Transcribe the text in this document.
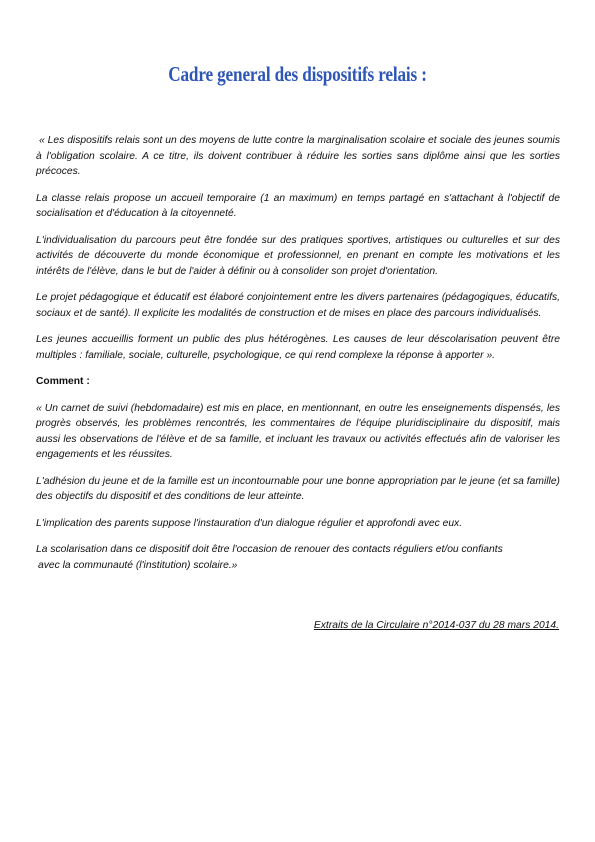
Cadre general des dispositifs relais :

« Les dispositifs relais sont un des moyens de lutte contre la marginalisation scolaire et sociale des jeunes soumis à l'obligation scolaire. A ce titre, ils doivent contribuer à réduire les sorties sans diplôme ainsi que les sorties précoces.

La classe relais propose un accueil temporaire (1 an maximum) en temps partagé en s'attachant à l'objectif de socialisation et d'éducation à la citoyenneté.

L'individualisation du parcours peut être fondée sur des pratiques sportives, artistiques ou culturelles et sur des activités de découverte du monde économique et professionnel, en prenant en compte les motivations et les intérêts de l'élève, dans le but de l'aider à définir ou à consolider son projet d'orientation.

Le projet pédagogique et éducatif est élaboré conjointement entre les divers partenaires (pédagogiques, éducatifs, sociaux et de santé). Il explicite les modalités de construction et de mises en place des parcours individualisés.

Les jeunes accueillis forment un public des plus hétérogènes. Les causes de leur déscolarisation peuvent être multiples : familiale, sociale, culturelle, psychologique, ce qui rend complexe la réponse à apporter ».

Comment :

« Un carnet de suivi (hebdomadaire) est mis en place, en mentionnant, en outre les enseignements dispensés, les progrès observés, les problèmes rencontrés, les commentaires de l'équipe pluridisciplinaire du dispositif, mais aussi les observations de l'élève et de sa famille, et incluant les travaux ou activités effectués afin de valoriser les engagements et les réussites.

L'adhésion du jeune et de la famille est un incontournable pour une bonne appropriation par le jeune (et sa famille) des objectifs du dispositif et des conditions de leur atteinte.

L'implication des parents suppose l'instauration d'un dialogue régulier et approfondi avec eux.

La scolarisation dans ce dispositif doit être l'occasion de renouer des contacts réguliers et/ou confiants
avec la communauté (l'institution) scolaire.»

Extraits de la Circulaire n°2014-037 du 28 mars 2014.
